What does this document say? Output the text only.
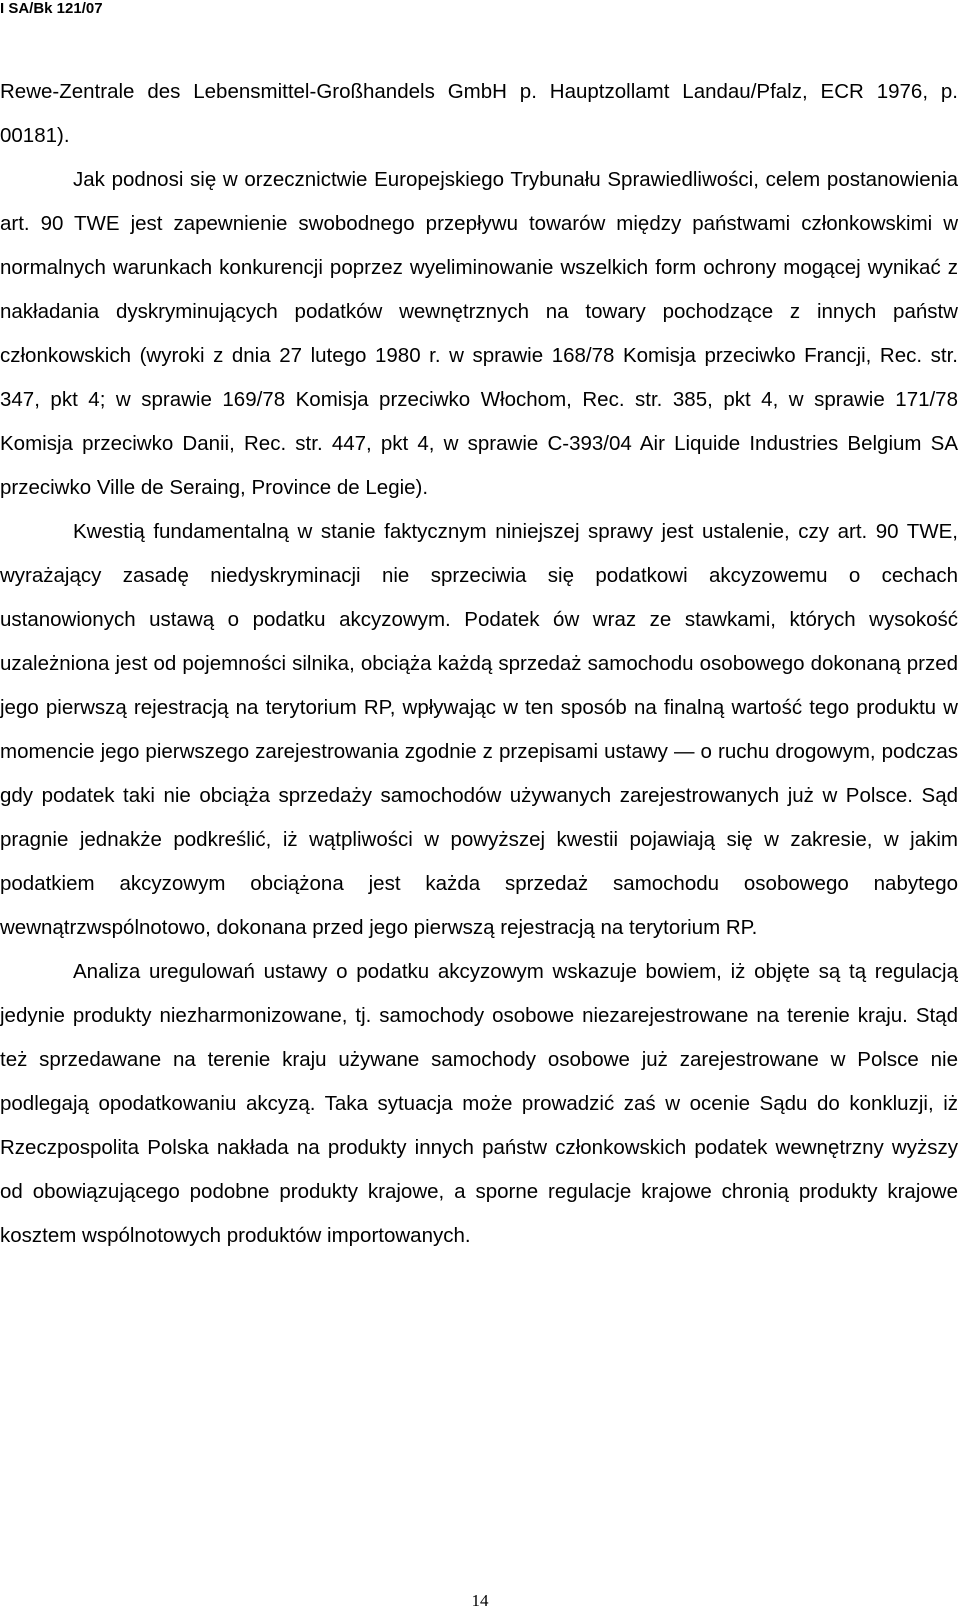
I SA/Bk 121/07

Rewe-Zentrale des Lebensmittel-Großhandels GmbH p. Hauptzollamt Landau/Pfalz, ECR 1976, p. 00181).

Jak podnosi się w orzecznictwie Europejskiego Trybunału Sprawiedliwości, celem postanowienia art. 90 TWE jest zapewnienie swobodnego przepływu towarów między państwami członkowskimi w normalnych warunkach konkurencji poprzez wyeliminowanie wszelkich form ochrony mogącej wynikać z nakładania dyskryminujących podatków wewnętrznych na towary pochodzące z innych państw członkowskich (wyroki z dnia 27 lutego 1980 r. w sprawie 168/78 Komisja przeciwko Francji, Rec. str. 347, pkt 4; w sprawie 169/78 Komisja przeciwko Włochom, Rec. str. 385, pkt 4, w sprawie 171/78 Komisja przeciwko Danii, Rec. str. 447, pkt 4, w sprawie C-393/04 Air Liquide Industries Belgium SA przeciwko Ville de Seraing, Province de Legie).

Kwestią fundamentalną w stanie faktycznym niniejszej sprawy jest ustalenie, czy art. 90 TWE, wyrażający zasadę niedyskryminacji nie sprzeciwia się podatkowi akcyzowemu o cechach ustanowionych ustawą o podatku akcyzowym. Podatek ów wraz ze stawkami, których wysokość uzależniona jest od pojemności silnika, obciąża każdą sprzedaż samochodu osobowego dokonaną przed jego pierwszą rejestracją na terytorium RP, wpływając w ten sposób na finalną wartość tego produktu w momencie jego pierwszego zarejestrowania zgodnie z przepisami ustawy — o ruchu drogowym, podczas gdy podatek taki nie obciąża sprzedaży samochodów używanych zarejestrowanych już w Polsce. Sąd pragnie jednakże podkreślić, iż wątpliwości w powyższej kwestii pojawiają się w zakresie, w jakim podatkiem akcyzowym obciążona jest każda sprzedaż samochodu osobowego nabytego wewnątrzwspólnotowo, dokonana przed jego pierwszą rejestracją na terytorium RP.

Analiza uregulowań ustawy o podatku akcyzowym wskazuje bowiem, iż objęte są tą regulacją jedynie produkty niezharmonizowane, tj. samochody osobowe niezarejestrowane na terenie kraju. Stąd też sprzedawane na terenie kraju używane samochody osobowe już zarejestrowane w Polsce nie podlegają opodatkowaniu akcyzą. Taka sytuacja może prowadzić zaś w ocenie Sądu do konkluzji, iż Rzeczpospolita Polska nakłada na produkty innych państw członkowskich podatek wewnętrzny wyższy od obowiązującego podobne produkty krajowe, a sporne regulacje krajowe chronią produkty krajowe kosztem wspólnotowych produktów importowanych.

14
